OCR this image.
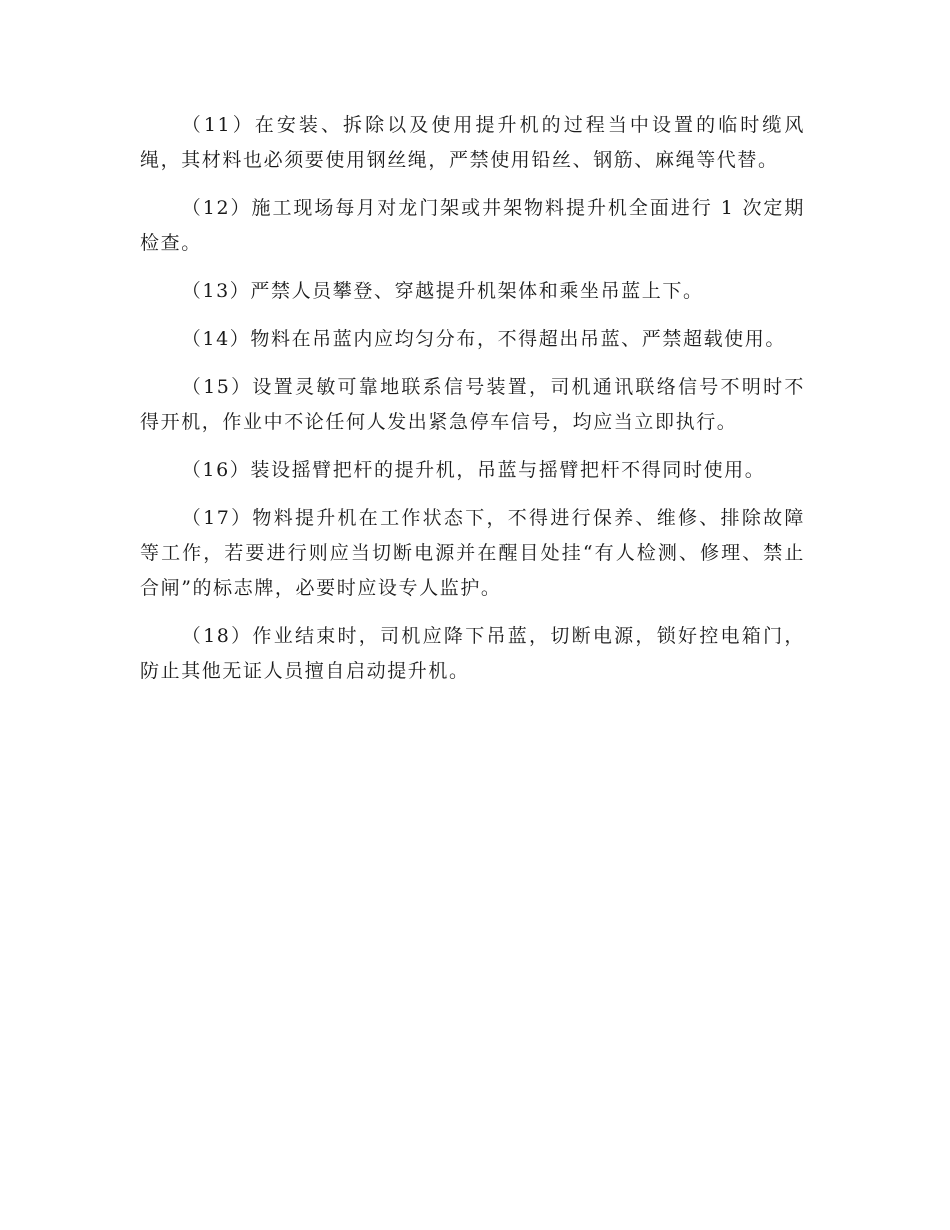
（11）在安装、拆除以及使用提升机的过程当中设置的临时缆风绳，其材料也必须要使用钢丝绳，严禁使用铅丝、钢筋、麻绳等代替。

（12）施工现场每月对龙门架或井架物料提升机全面进行 1 次定期检查。

（13）严禁人员攀登、穿越提升机架体和乘坐吊蓝上下。

（14）物料在吊蓝内应均匀分布，不得超出吊蓝、严禁超载使用。

（15）设置灵敏可靠地联系信号装置，司机通讯联络信号不明时不得开机，作业中不论任何人发出紧急停车信号，均应当立即执行。

（16）装设摇臂把杆的提升机，吊蓝与摇臂把杆不得同时使用。

（17）物料提升机在工作状态下，不得进行保养、维修、排除故障等工作，若要进行则应当切断电源并在醒目处挂“有人检测、修理、禁止合闸”的标志牌，必要时应设专人监护。

（18）作业结束时，司机应降下吊蓝，切断电源，锁好控电箱门，防止其他无证人员擅自启动提升机。
